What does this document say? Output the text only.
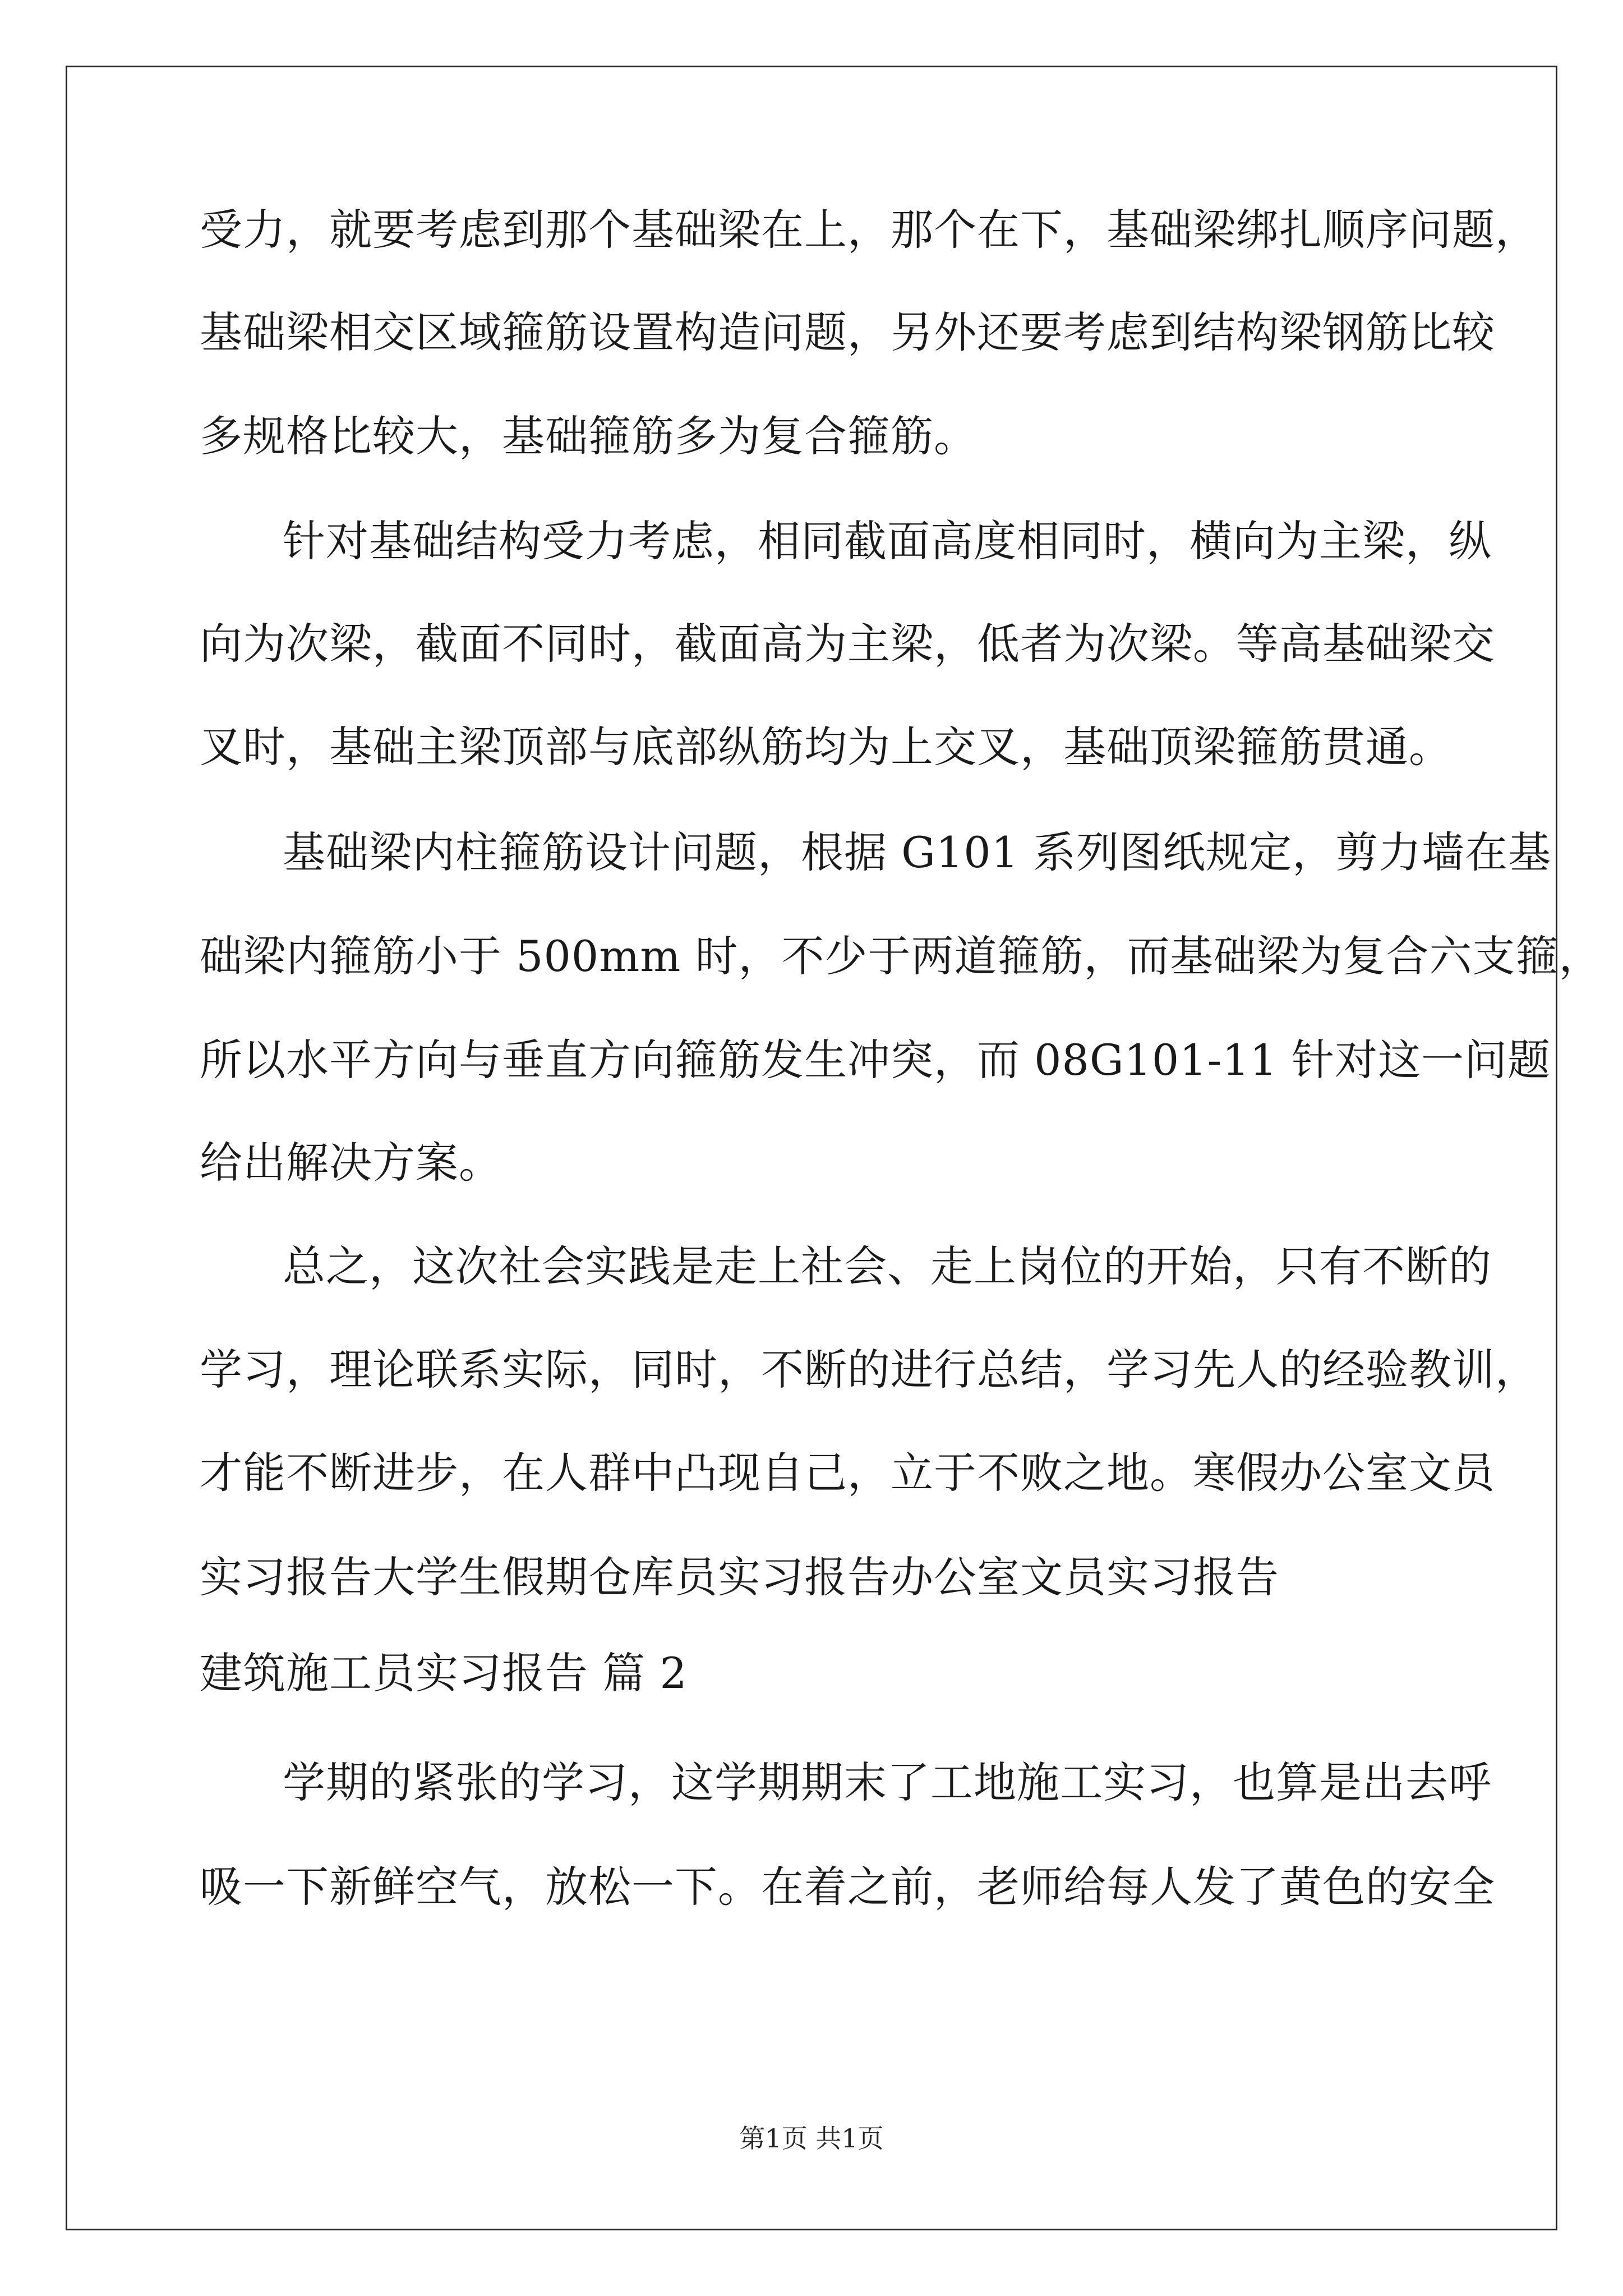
受力，就要考虑到那个基础梁在上，那个在下，基础梁绑扎顺序问题，
基础梁相交区域箍筋设置构造问题，另外还要考虑到结构梁钢筋比较
多规格比较大，基础箍筋多为复合箍筋。
针对基础结构受力考虑，相同截面高度相同时，横向为主梁，纵
向为次梁，截面不同时，截面高为主梁，低者为次梁。等高基础梁交
叉时，基础主梁顶部与底部纵筋均为上交叉，基础顶梁箍筋贯通。
基础梁内柱箍筋设计问题，根据 G101 系列图纸规定，剪力墙在基
础梁内箍筋小于 500mm 时，不少于两道箍筋，而基础梁为复合六支箍，
所以水平方向与垂直方向箍筋发生冲突，而 08G101-11 针对这一问题
给出解决方案。
总之，这次社会实践是走上社会、走上岗位的开始，只有不断的
学习，理论联系实际，同时，不断的进行总结，学习先人的经验教训，
才能不断进步，在人群中凸现自己，立于不败之地。寒假办公室文员
实习报告大学生假期仓库员实习报告办公室文员实习报告
建筑施工员实习报告 篇 2
学期的紧张的学习，这学期期末了工地施工实习，也算是出去呼
吸一下新鲜空气，放松一下。在着之前，老师给每人发了黄色的安全
第1页 共1页
